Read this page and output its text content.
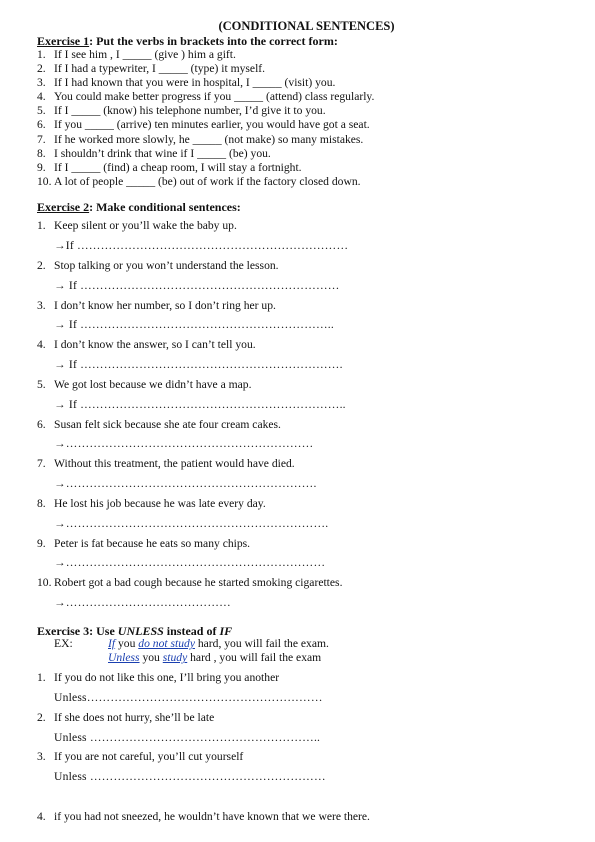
(CONDITIONAL SENTENCES)
Exercise 1: Put the verbs in brackets into the correct form:
1. If I see him , I _____ (give ) him a gift.
2. If I had a typewriter, I _____ (type) it myself.
3. If I had known that you were in hospital, I _____ (visit) you.
4. You could make better progress if you _____ (attend) class regularly.
5. If I _____ (know) his telephone number, I’d give it to you.
6. If you _____ (arrive) ten minutes earlier, you would have got a seat.
7. If he worked more slowly, he _____ (not make) so many mistakes.
8. I shouldn’t drink that wine if I _____ (be) you.
9. If I _____ (find) a cheap room, I will stay a fortnight.
10. A lot of people _____ (be) out of work if the factory closed down.
Exercise 2: Make conditional sentences:
1. Keep silent or you’ll wake the baby up.
→If ……………………………………………………………
2. Stop talking or you won’t understand the lesson.
→ If …………………………………………………………
3. I don’t know her number, so I don’t ring her up.
→ If ………………………………………………………..
4. I don’t know the answer, so I can’t tell you.
→ If ………………………………………………………….
5. We got lost because we didn’t have a map.
→ If …………………………………………………………..
6. Susan felt sick because she ate four cream cakes.
→………………………………………………………
7. Without this treatment, the patient would have died.
→……………………………………………………….
8. He lost his job because he was late every day.
→………………………………………………………….
9. Peter is fat because he eats so many chips.
→…………………………………………………………
10. Robert got a bad cough because he started smoking cigarettes.
→……………………………………
Exercise 3: Use UNLESS instead of IF
EX:	If you do not study hard, you will fail the exam.
Unless you study hard , you will fail the exam
1. If you do not like this one, I’ll bring you another
Unless……………………………………………………
2. If she does not hurry, she’ll be late
Unless …………………………………………………..
3. If you are not careful, you’ll cut yourself
Unless ……………………………………………………
4. if you had not sneezed, he wouldn’t have known that we were there.
